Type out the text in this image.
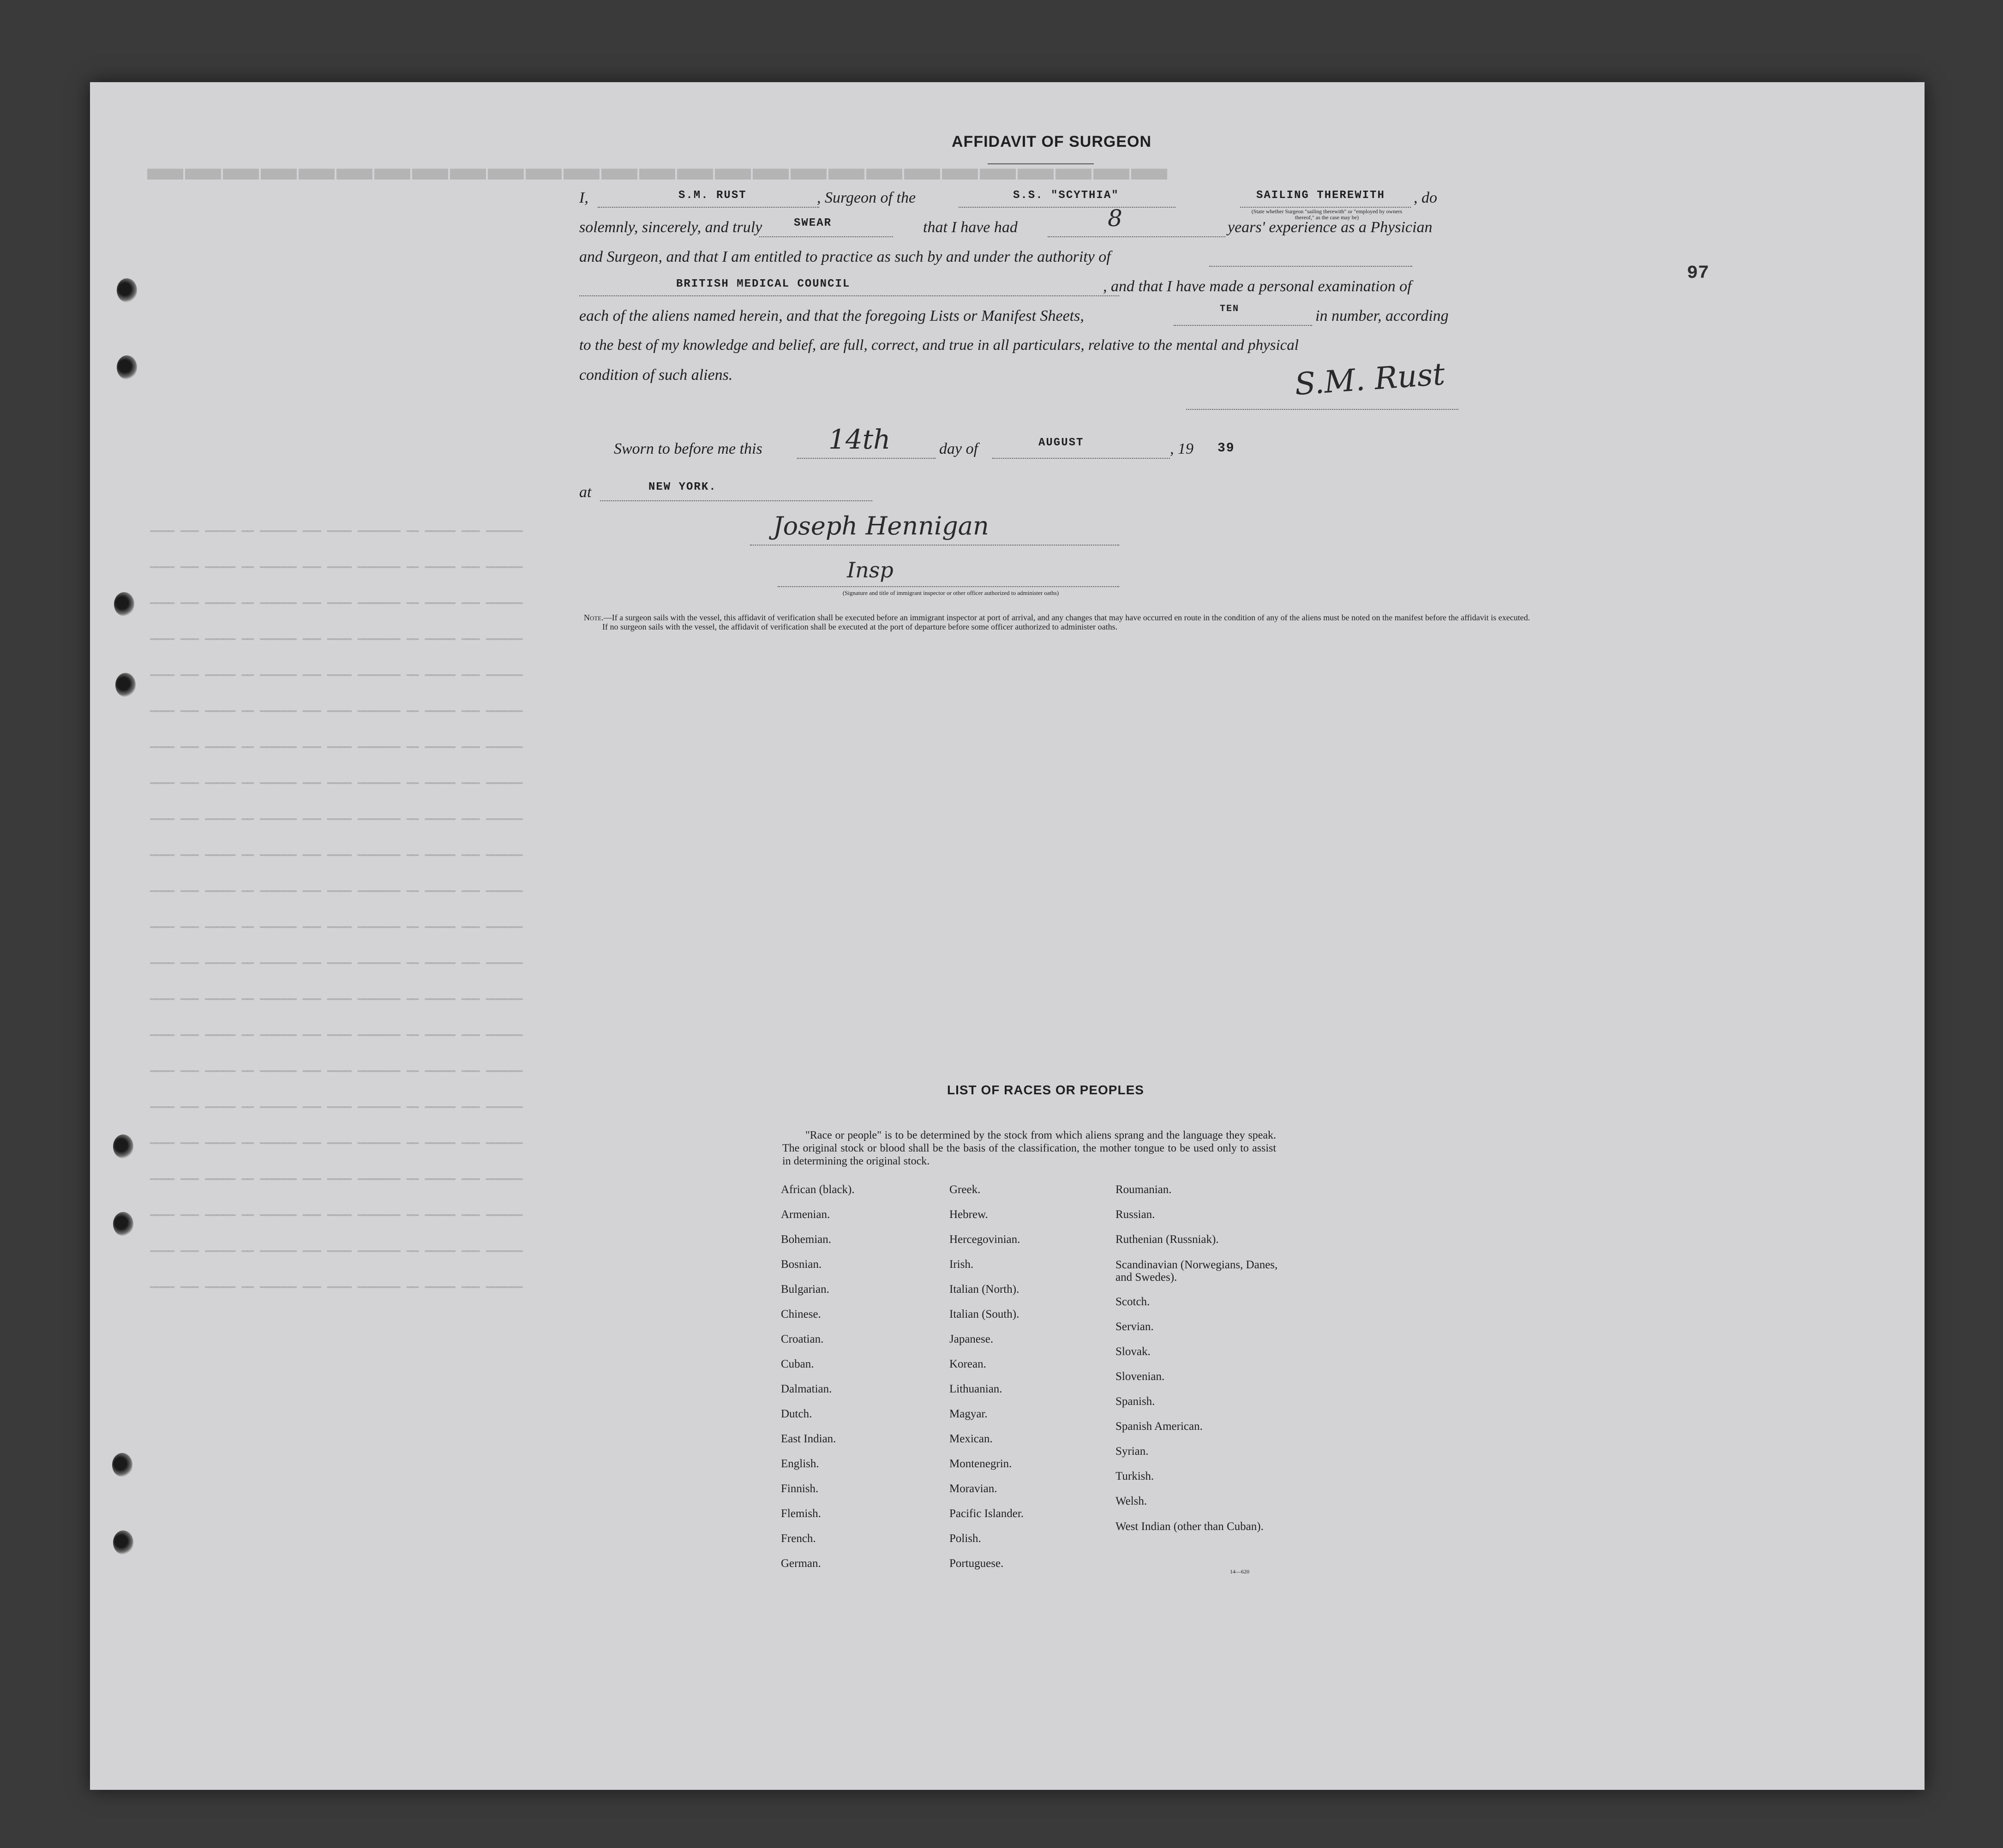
▬▬▬▬▬▬▬▬▬▬▬▬▬▬▬▬▬▬▬▬▬▬▬▬▬▬▬
▁▁▁▁ ▁▁▁ ▁▁▁▁▁ ▁▁ ▁▁▁▁▁▁ ▁▁▁ ▁▁▁▁ ▁▁▁▁▁▁▁ ▁▁ ▁▁▁▁▁ ▁▁▁ ▁▁▁▁▁▁
▁▁▁▁ ▁▁▁ ▁▁▁▁▁ ▁▁ ▁▁▁▁▁▁ ▁▁▁ ▁▁▁▁ ▁▁▁▁▁▁▁ ▁▁ ▁▁▁▁▁ ▁▁▁ ▁▁▁▁▁▁
▁▁▁▁ ▁▁▁ ▁▁▁▁▁ ▁▁ ▁▁▁▁▁▁ ▁▁▁ ▁▁▁▁ ▁▁▁▁▁▁▁ ▁▁ ▁▁▁▁▁ ▁▁▁ ▁▁▁▁▁▁
▁▁▁▁ ▁▁▁ ▁▁▁▁▁ ▁▁ ▁▁▁▁▁▁ ▁▁▁ ▁▁▁▁ ▁▁▁▁▁▁▁ ▁▁ ▁▁▁▁▁ ▁▁▁ ▁▁▁▁▁▁
▁▁▁▁ ▁▁▁ ▁▁▁▁▁ ▁▁ ▁▁▁▁▁▁ ▁▁▁ ▁▁▁▁ ▁▁▁▁▁▁▁ ▁▁ ▁▁▁▁▁ ▁▁▁ ▁▁▁▁▁▁
▁▁▁▁ ▁▁▁ ▁▁▁▁▁ ▁▁ ▁▁▁▁▁▁ ▁▁▁ ▁▁▁▁ ▁▁▁▁▁▁▁ ▁▁ ▁▁▁▁▁ ▁▁▁ ▁▁▁▁▁▁
▁▁▁▁ ▁▁▁ ▁▁▁▁▁ ▁▁ ▁▁▁▁▁▁ ▁▁▁ ▁▁▁▁ ▁▁▁▁▁▁▁ ▁▁ ▁▁▁▁▁ ▁▁▁ ▁▁▁▁▁▁
▁▁▁▁ ▁▁▁ ▁▁▁▁▁ ▁▁ ▁▁▁▁▁▁ ▁▁▁ ▁▁▁▁ ▁▁▁▁▁▁▁ ▁▁ ▁▁▁▁▁ ▁▁▁ ▁▁▁▁▁▁
▁▁▁▁ ▁▁▁ ▁▁▁▁▁ ▁▁ ▁▁▁▁▁▁ ▁▁▁ ▁▁▁▁ ▁▁▁▁▁▁▁ ▁▁ ▁▁▁▁▁ ▁▁▁ ▁▁▁▁▁▁
▁▁▁▁ ▁▁▁ ▁▁▁▁▁ ▁▁ ▁▁▁▁▁▁ ▁▁▁ ▁▁▁▁ ▁▁▁▁▁▁▁ ▁▁ ▁▁▁▁▁ ▁▁▁ ▁▁▁▁▁▁
▁▁▁▁ ▁▁▁ ▁▁▁▁▁ ▁▁ ▁▁▁▁▁▁ ▁▁▁ ▁▁▁▁ ▁▁▁▁▁▁▁ ▁▁ ▁▁▁▁▁ ▁▁▁ ▁▁▁▁▁▁
▁▁▁▁ ▁▁▁ ▁▁▁▁▁ ▁▁ ▁▁▁▁▁▁ ▁▁▁ ▁▁▁▁ ▁▁▁▁▁▁▁ ▁▁ ▁▁▁▁▁ ▁▁▁ ▁▁▁▁▁▁
▁▁▁▁ ▁▁▁ ▁▁▁▁▁ ▁▁ ▁▁▁▁▁▁ ▁▁▁ ▁▁▁▁ ▁▁▁▁▁▁▁ ▁▁ ▁▁▁▁▁ ▁▁▁ ▁▁▁▁▁▁
▁▁▁▁ ▁▁▁ ▁▁▁▁▁ ▁▁ ▁▁▁▁▁▁ ▁▁▁ ▁▁▁▁ ▁▁▁▁▁▁▁ ▁▁ ▁▁▁▁▁ ▁▁▁ ▁▁▁▁▁▁
▁▁▁▁ ▁▁▁ ▁▁▁▁▁ ▁▁ ▁▁▁▁▁▁ ▁▁▁ ▁▁▁▁ ▁▁▁▁▁▁▁ ▁▁ ▁▁▁▁▁ ▁▁▁ ▁▁▁▁▁▁
▁▁▁▁ ▁▁▁ ▁▁▁▁▁ ▁▁ ▁▁▁▁▁▁ ▁▁▁ ▁▁▁▁ ▁▁▁▁▁▁▁ ▁▁ ▁▁▁▁▁ ▁▁▁ ▁▁▁▁▁▁
▁▁▁▁ ▁▁▁ ▁▁▁▁▁ ▁▁ ▁▁▁▁▁▁ ▁▁▁ ▁▁▁▁ ▁▁▁▁▁▁▁ ▁▁ ▁▁▁▁▁ ▁▁▁ ▁▁▁▁▁▁
▁▁▁▁ ▁▁▁ ▁▁▁▁▁ ▁▁ ▁▁▁▁▁▁ ▁▁▁ ▁▁▁▁ ▁▁▁▁▁▁▁ ▁▁ ▁▁▁▁▁ ▁▁▁ ▁▁▁▁▁▁
▁▁▁▁ ▁▁▁ ▁▁▁▁▁ ▁▁ ▁▁▁▁▁▁ ▁▁▁ ▁▁▁▁ ▁▁▁▁▁▁▁ ▁▁ ▁▁▁▁▁ ▁▁▁ ▁▁▁▁▁▁
▁▁▁▁ ▁▁▁ ▁▁▁▁▁ ▁▁ ▁▁▁▁▁▁ ▁▁▁ ▁▁▁▁ ▁▁▁▁▁▁▁ ▁▁ ▁▁▁▁▁ ▁▁▁ ▁▁▁▁▁▁
▁▁▁▁ ▁▁▁ ▁▁▁▁▁ ▁▁ ▁▁▁▁▁▁ ▁▁▁ ▁▁▁▁ ▁▁▁▁▁▁▁ ▁▁ ▁▁▁▁▁ ▁▁▁ ▁▁▁▁▁▁
▁▁▁▁ ▁▁▁ ▁▁▁▁▁ ▁▁ ▁▁▁▁▁▁ ▁▁▁ ▁▁▁▁ ▁▁▁▁▁▁▁ ▁▁ ▁▁▁▁▁ ▁▁▁ ▁▁▁▁▁▁
97
AFFIDAVIT OF SURGEON
I,	S.M. RUST	, Surgeon of the	S.S. "SCYTHIA"	SAILING THEREWITH , do
(State whether Surgeon "sailing therewith" or "employed by owners thereof," as the case may be)
solemnly, sincerely, and truly	SWEAR	that I have had	8	years' experience as a Physician
and Surgeon, and that I am entitled to practice as such by and under the authority of
BRITISH MEDICAL COUNCIL	, and that I have made a personal examination of
each of the aliens named herein, and that the foregoing Lists or Manifest Sheets,	TEN	in number, according
to the best of my knowledge and belief, are full, correct, and true in all particulars, relative to the mental and physical
condition of such aliens.	S.M. Rust
Sworn to before me this 14th	day of	AUGUST	, 19 39
at	NEW YORK.
Joseph Hennigan
Insp
(Signature and title of immigrant inspector or other officer authorized to administer oaths)
Note.—If a surgeon sails with the vessel, this affidavit of verification shall be executed before an immigrant inspector at port of arrival, and any changes that may have occurred en route in the condition of any of the aliens must be noted on the manifest before the affidavit is executed.
If no surgeon sails with the vessel, the affidavit of verification shall be executed at the port of departure before some officer authorized to administer oaths.
LIST OF RACES OR PEOPLES
"Race or people" is to be determined by the stock from which aliens sprang and the language they speak. The original stock or blood shall be the basis of the classification, the mother tongue to be used only to assist in determining the original stock.
African (black).
Armenian.
Bohemian.
Bosnian.
Bulgarian.
Chinese.
Croatian.
Cuban.
Dalmatian.
Dutch.
East Indian.
English.
Finnish.
Flemish.
French.
German.
Greek.
Hebrew.
Hercegovinian.
Irish.
Italian (North).
Italian (South).
Japanese.
Korean.
Lithuanian.
Magyar.
Mexican.
Montenegrin.
Moravian.
Pacific Islander.
Polish.
Portuguese.
Roumanian.
Russian.
Ruthenian (Russniak).
Scandinavian (Norwegians, Danes, and Swedes).
Scotch.
Servian.
Slovak.
Slovenian.
Spanish.
Spanish American.
Syrian.
Turkish.
Welsh.
West Indian (other than Cuban).
14—620
